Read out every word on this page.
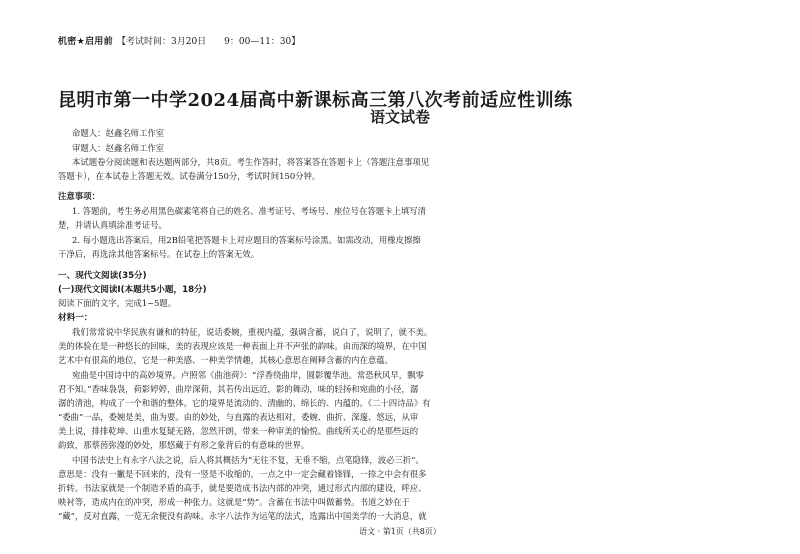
机密★启用前 【考试时间：3月20日　　9：00—11：30】
昆明市第一中学2024届高中新课标高三第八次考前适应性训练
语文试卷
命题人：赵鑫名师工作室
审题人：赵鑫名师工作室
本试题卷分阅读题和表达题两部分，共8页。考生作答时，将答案答在答题卡上（答题注意事项见
答题卡），在本试卷上答题无效。试卷满分150分，考试时间150分钟。
注意事项：
1. 答题前，考生务必用黑色碳素笔将自己的姓名、准考证号、考场号、座位号在答题卡上填写清
楚，并请认真填涂准考证号。
2. 每小题选出答案后，用2B铅笔把答题卡上对应题目的答案标号涂黑。如需改动，用橡皮擦擦
干净后，再选涂其他答案标号。在试卷上的答案无效。
一、现代文阅读(35分)
(一)现代文阅读Ⅰ(本题共5小题，18分)
阅读下面的文字，完成1~5题。
材料一：
我们常常说中华民族有谦和的特征，说话委婉，重视内蕴，强调含蓄，说白了，说明了，就不美。
美的体验在是一种悠长的回味，美的表现应该是一种表面上并不声张的韵味。由而深的境界，在中国
艺术中有很高的地位，它是一种美感、一种美学情趣，其核心意思在阐释含蓄的内在意蕴。
宛曲是中国诗中的高妙境界。卢照邻《曲池荷》：“浮香绕曲岸，圆影覆华池。常恐秋风早，飘零
君不知。”香味袅袅，荷影婷婷，曲岸深荷，其若传出远近，影的舞动，味的轻扬和宛曲的小径，潺
潺的清池，构成了一个和谐的整体。它的境界是流动的、清幽的、绵长的、内蕴的。《二十四诗品》有
“委曲”一品，委婉是美，曲为要。由的妙处，与直露的表达相对，委婉、曲折、深邃、悠远，从审
美上说，排排乾坤、山重水复疑无路，忽然开朗，带来一种审美的愉悦。曲线所关心的是那些远的
韵致，那蔡茵弥漫的妙处，那悠藏于有形之象背后的有意味的世界。
中国书法史上有永字八法之说，后人将其概括为“无往不复，无垂不缩，点笔隐锋，波必三折”。
意思是：没有一撇是不回来的，没有一竖是不收缩的，一点之中一定会藏着锋锋，一捺之中会有很多
折转。书法家就是一个制造矛盾的高手，就是要造成书法内部的冲突，通过形式内部的建设，呼应、
映衬等，造成内在的冲突，形成一种张力。这就是“势”。含蓄在书法中叫做蓄势。书道之妙在于
“藏”，反对直露，一览无余便没有韵味。永字八法作为运笔的法式，选露出中国美学的一大消息，就
语文 · 第1页（共8页）
